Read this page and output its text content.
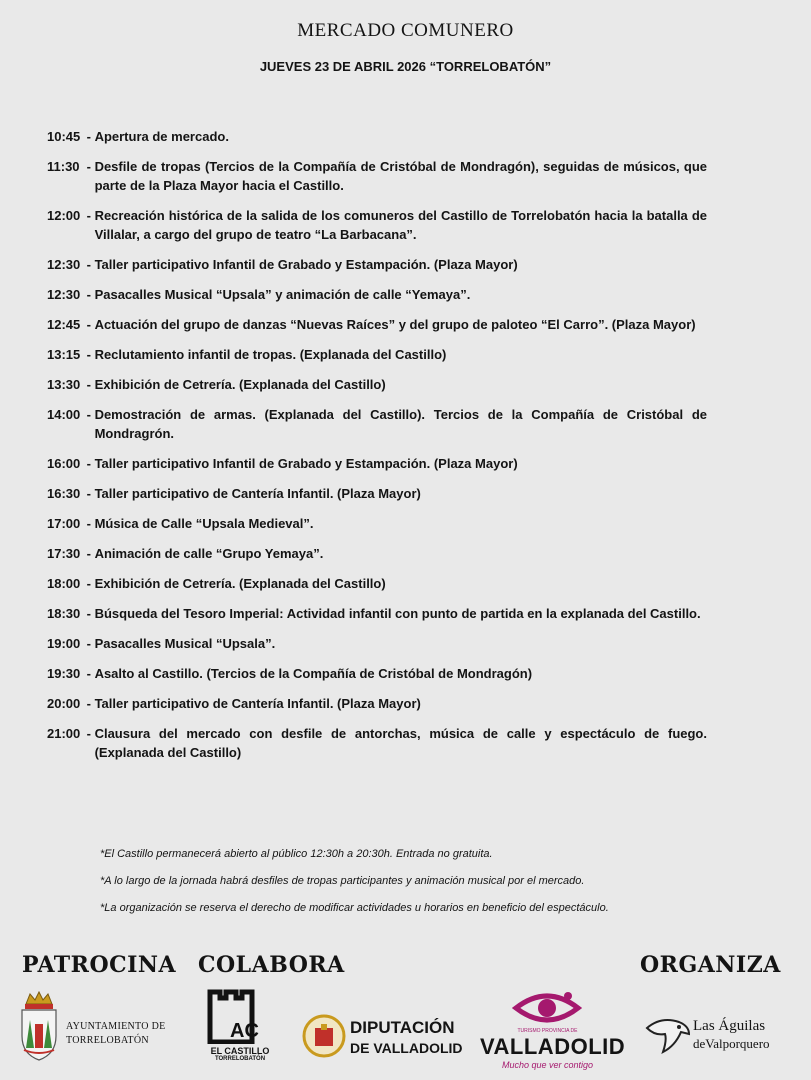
MERCADO COMUNERO
JUEVES 23 DE ABRIL 2026 “TORRELOBATÓN”
10:45 - Apertura de mercado.
11:30 - Desfile de tropas (Tercios de la Compañía de Cristóbal de Mondragón), seguidas de músicos, que parte de la Plaza Mayor hacia el Castillo.
12:00 - Recreación histórica de la salida de los comuneros del Castillo de Torrelobatón hacia la batalla de Villalar, a cargo del grupo de teatro “La Barbacana”.
12:30 - Taller participativo Infantil de Grabado y Estampación. (Plaza Mayor)
12:30 - Pasacalles Musical “Upsala” y animación de calle “Yemaya”.
12:45 - Actuación del grupo de danzas “Nuevas Raíces” y del grupo de paloteo “El Carro”. (Plaza Mayor)
13:15 - Reclutamiento infantil de tropas. (Explanada del Castillo)
13:30 - Exhibición de Cetrería. (Explanada del Castillo)
14:00 - Demostración de armas. (Explanada del Castillo). Tercios de la Compañía de Cristóbal de Mondragrón.
16:00 - Taller participativo Infantil de Grabado y Estampación. (Plaza Mayor)
16:30 - Taller participativo de Cantería Infantil. (Plaza Mayor)
17:00 - Música de Calle “Upsala Medieval”.
17:30 - Animación de calle “Grupo Yemaya”.
18:00 - Exhibición de Cetrería. (Explanada del Castillo)
18:30 - Búsqueda del Tesoro Imperial: Actividad infantil con punto de partida en la explanada del Castillo.
19:00 - Pasacalles Musical “Upsala”.
19:30 - Asalto al Castillo. (Tercios de la Compañía de Cristóbal de Mondragón)
20:00 - Taller participativo de Cantería Infantil. (Plaza Mayor)
21:00 - Clausura del mercado con desfile de antorchas, música de calle y espectáculo de fuego. (Explanada del Castillo)

*El Castillo permanecerá abierto al público 12:30h a 20:30h. Entrada no gratuita.

*A lo largo de la jornada habrá desfiles de tropas participantes y animación musical por el mercado.

*La organización se reserva el derecho de modificar actividades u horarios en beneficio del espectáculo.

PATROCINA COLABORA	ORGANIZA
AYUNTAMIENTO DE
TORRELOBATÓN	AC
EL CASTILLO
TORRELOBATÓN
DIPUTACIÓN
DE VALLADOLID
TURISMO PROVINCIA DE
VALLADOLID
Mucho que ver contigo
Las Águilas
deValporquero
